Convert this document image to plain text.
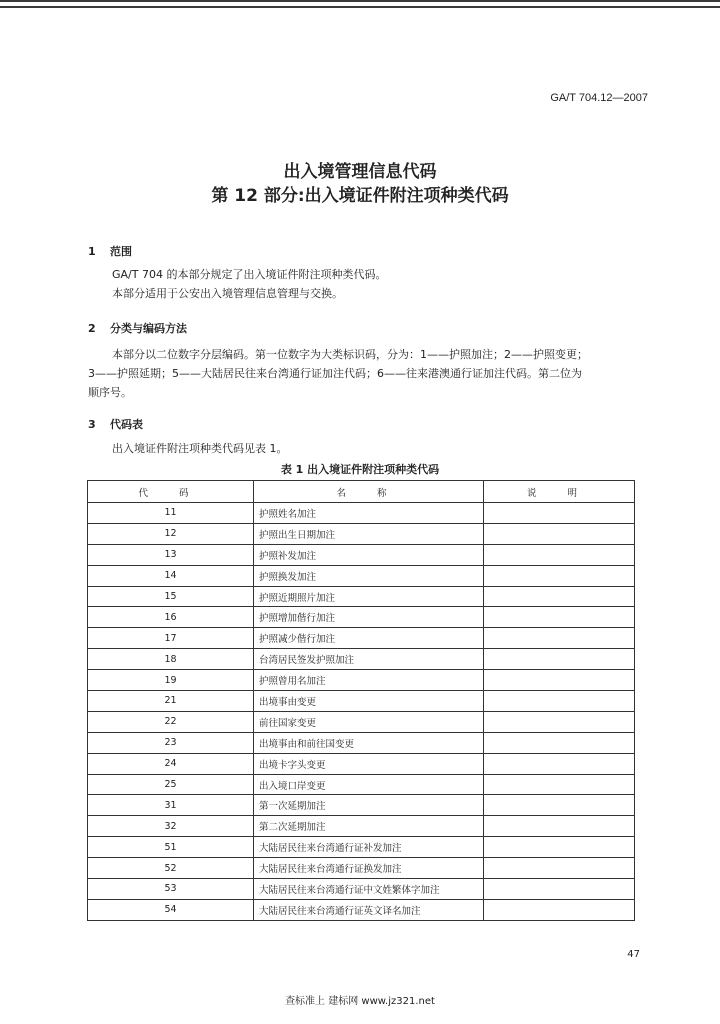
GA/T 704.12—2007
出入境管理信息代码
第 12 部分:出入境证件附注项种类代码
1 范围
GA/T 704 的本部分规定了出入境证件附注项种类代码。
本部分适用于公安出入境管理信息管理与交换。
2 分类与编码方法
本部分以二位数字分层编码。第一位数字为大类标识码，分为：1——护照加注；2——护照变更；
3——护照延期；5——大陆居民往来台湾通行证加注代码；6——往来港澳通行证加注代码。第二位为
顺序号。
3 代码表
出入境证件附注项种类代码见表 1。
表 1 出入境证件附注项种类代码
代 码	名 称	说 明
11	护照姓名加注	
12	护照出生日期加注	
13	护照补发加注	
14	护照换发加注	
15	护照近期照片加注	
16	护照增加偕行加注	
17	护照减少偕行加注	
18	台湾居民签发护照加注	
19	护照曾用名加注	
21	出境事由变更	
22	前往国家变更	
23	出境事由和前往国变更	
24	出境卡字头变更	
25	出入境口岸变更	
31	第一次延期加注	
32	第二次延期加注	
51	大陆居民往来台湾通行证补发加注	
52	大陆居民往来台湾通行证换发加注	
53	大陆居民往来台湾通行证中文姓繁体字加注	
54	大陆居民往来台湾通行证英文译名加注	
47
查标准上 建标网 www.jz321.net
